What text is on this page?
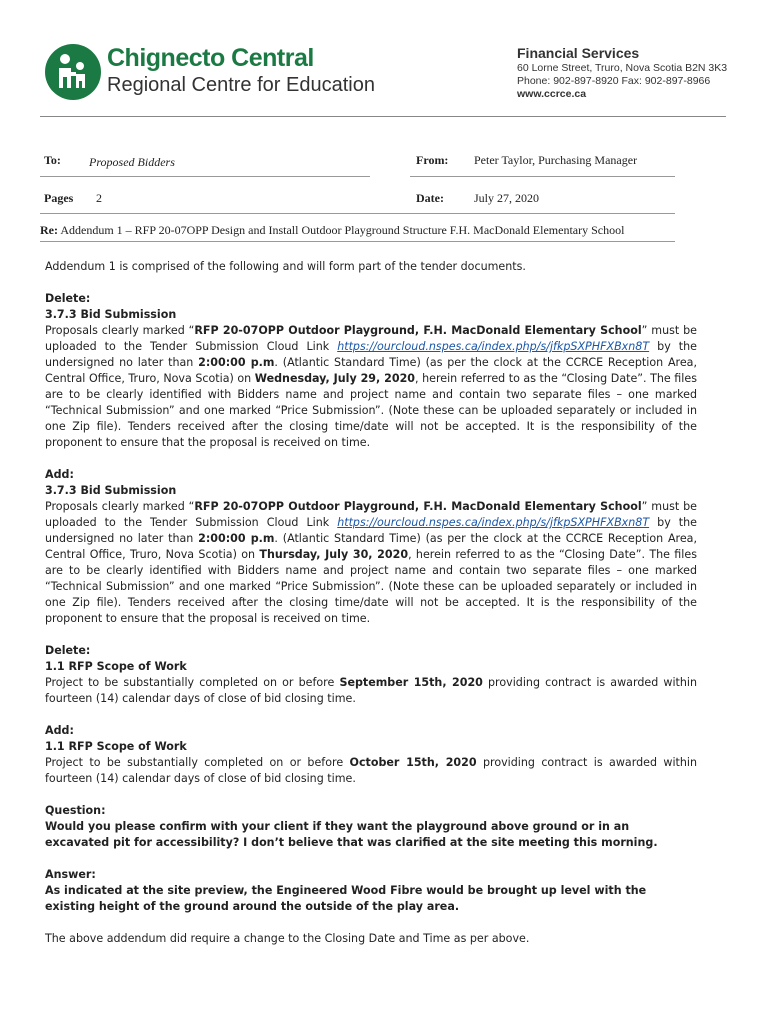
Chignecto Central
Regional Centre for Education
Financial Services
60 Lorne Street, Truro, Nova Scotia B2N 3K3
Phone: 902-897-8920 Fax: 902-897-8966
www.ccrce.ca
To: Proposed Bidders	From: Peter Taylor, Purchasing Manager
Pages 2	Date:	July 27, 2020
Re: Addendum 1 – RFP 20-07OPP Design and Install Outdoor Playground Structure F.H. MacDonald Elementary School

Addendum 1 is comprised of the following and will form part of the tender documents.

Delete:

3.7.3 Bid Submission

Proposals clearly marked “RFP 20-07OPP Outdoor Playground, F.H. MacDonald Elementary School” must be uploaded to the Tender Submission Cloud Link https://ourcloud.nspes.ca/index.php/s/jfkpSXPHFXBxn8T by the undersigned no later than 2:00:00 p.m. (Atlantic Standard Time) (as per the clock at the CCRCE Reception Area, Central Office, Truro, Nova Scotia) on Wednesday, July 29, 2020, herein referred to as the “Closing Date”. The files are to be clearly identified with Bidders name and project name and contain two separate files – one marked “Technical Submission” and one marked “Price Submission”. (Note these can be uploaded separately or included in one Zip file). Tenders received after the closing time/date will not be accepted. It is the responsibility of the proponent to ensure that the proposal is received on time.

Add:

3.7.3 Bid Submission

Proposals clearly marked “RFP 20-07OPP Outdoor Playground, F.H. MacDonald Elementary School” must be uploaded to the Tender Submission Cloud Link https://ourcloud.nspes.ca/index.php/s/jfkpSXPHFXBxn8T by the undersigned no later than 2:00:00 p.m. (Atlantic Standard Time) (as per the clock at the CCRCE Reception Area, Central Office, Truro, Nova Scotia) on Thursday, July 30, 2020, herein referred to as the “Closing Date”. The files are to be clearly identified with Bidders name and project name and contain two separate files – one marked “Technical Submission” and one marked “Price Submission”. (Note these can be uploaded separately or included in one Zip file). Tenders received after the closing time/date will not be accepted. It is the responsibility of the proponent to ensure that the proposal is received on time.

Delete:

1.1 RFP Scope of Work

Project to be substantially completed on or before September 15th, 2020 providing contract is awarded within fourteen (14) calendar days of close of bid closing time.

Add:

1.1 RFP Scope of Work

Project to be substantially completed on or before October 15th, 2020 providing contract is awarded within fourteen (14) calendar days of close of bid closing time.

Question:

Would you please confirm with your client if they want the playground above ground or in an excavated pit for accessibility? I don’t believe that was clarified at the site meeting this morning.

Answer:

As indicated at the site preview, the Engineered Wood Fibre would be brought up level with the existing height of the ground around the outside of the play area.

The above addendum did require a change to the Closing Date and Time as per above.
